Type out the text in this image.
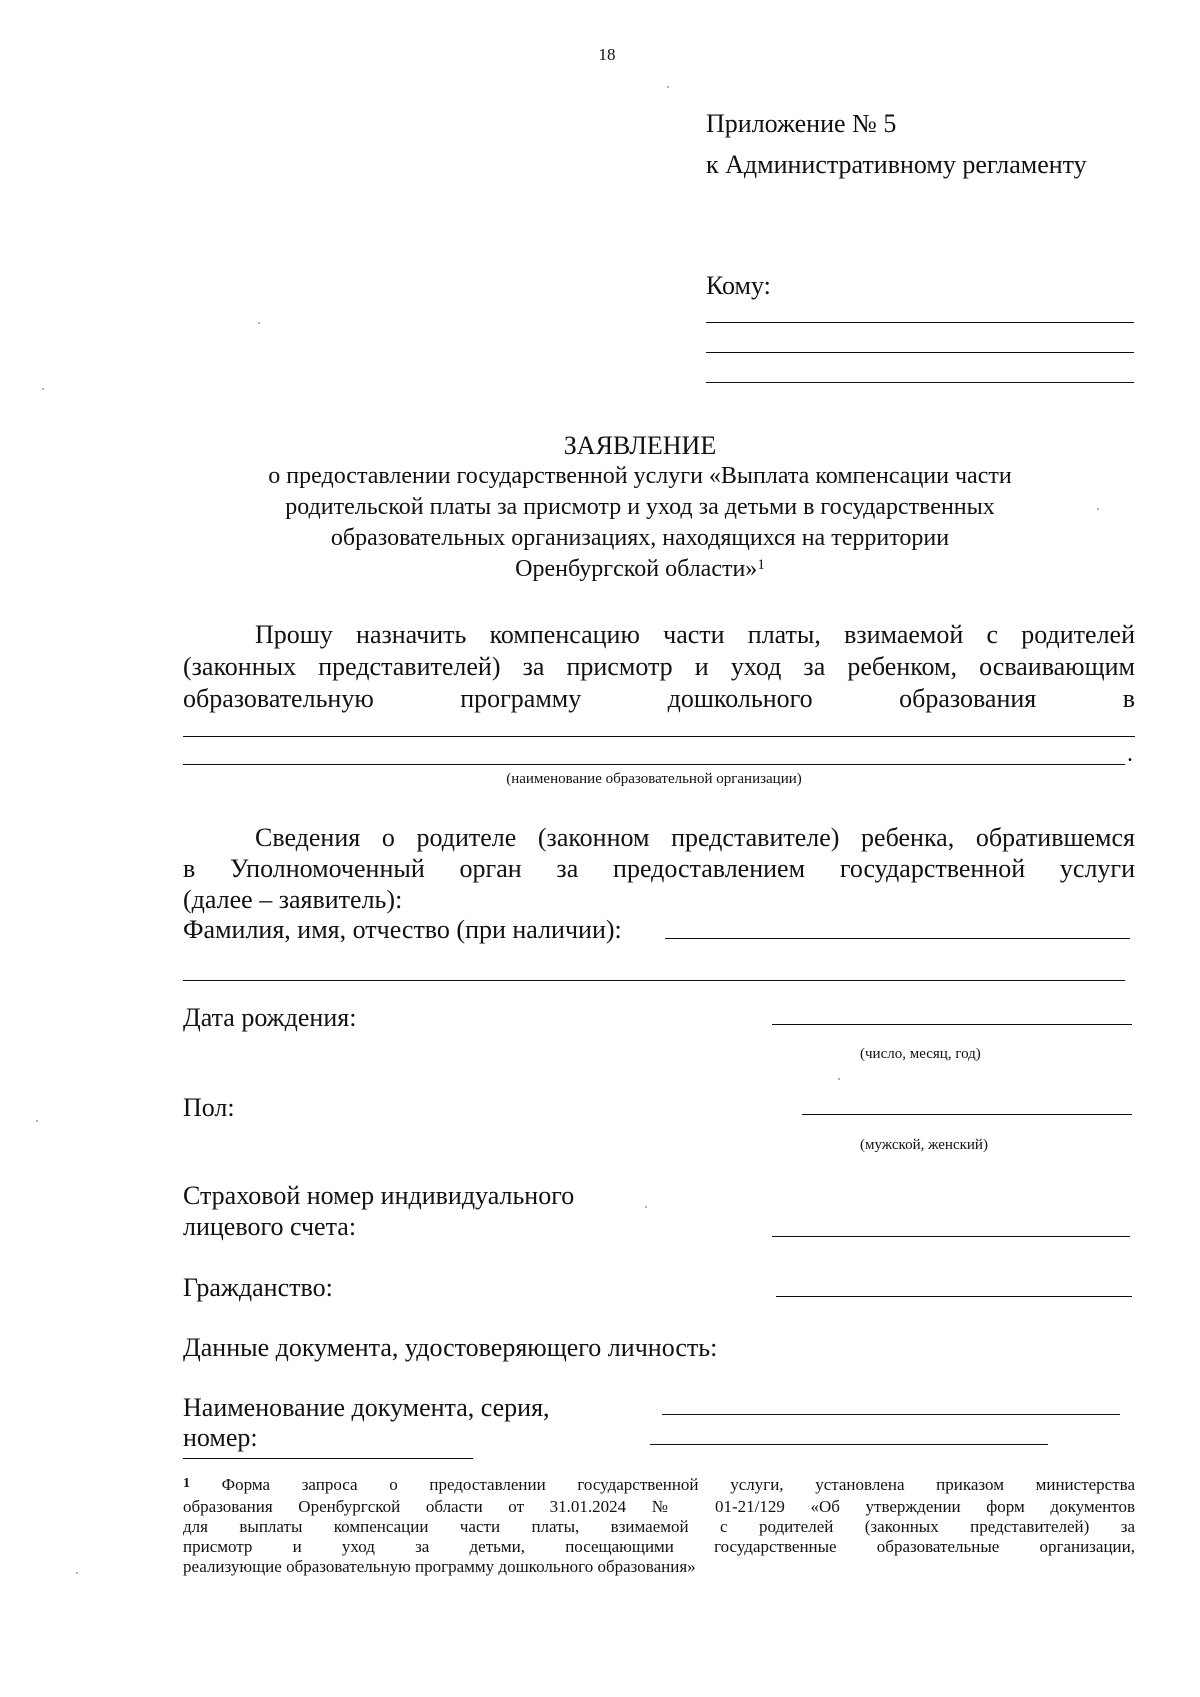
18
Приложение № 5
к Административному регламенту
Кому:
ЗАЯВЛЕНИЕ
о предоставлении государственной услуги «Выплата компенсации части
родительской платы за присмотр и уход за детьми в государственных
образовательных организациях, находящихся на территории
Оренбургской области»$^1$
Прошу назначить компенсацию части платы, взимаемой с родителей
(законных представителей) за присмотр и уход за ребенком, осваивающим
образовательную программу дошкольного образования в
.
(наименование образовательной организации)
Сведения о родителе (законном представителе) ребенка, обратившемся
в Уполномоченный орган за предоставлением государственной услуги
(далее – заявитель):
Фамилия, имя, отчество (при наличии):
Дата рождения:
(число, месяц, год)
Пол:
(мужской, женский)
Страховой номер индивидуального
лицевого счета:
Гражданство:
Данные документа, удостоверяющего личность:
Наименование документа, серия,
номер:
1 Форма запроса о предоставлении государственной услуги, установлена приказом министерства
образования Оренбургской области от 31.01.2024 № 01-21/129 «Об утверждении форм документов
для выплаты компенсации части платы, взимаемой с родителей (законных представителей) за
присмотр и уход за детьми, посещающими государственные образовательные организации,
реализующие образовательную программу дошкольного образования»
